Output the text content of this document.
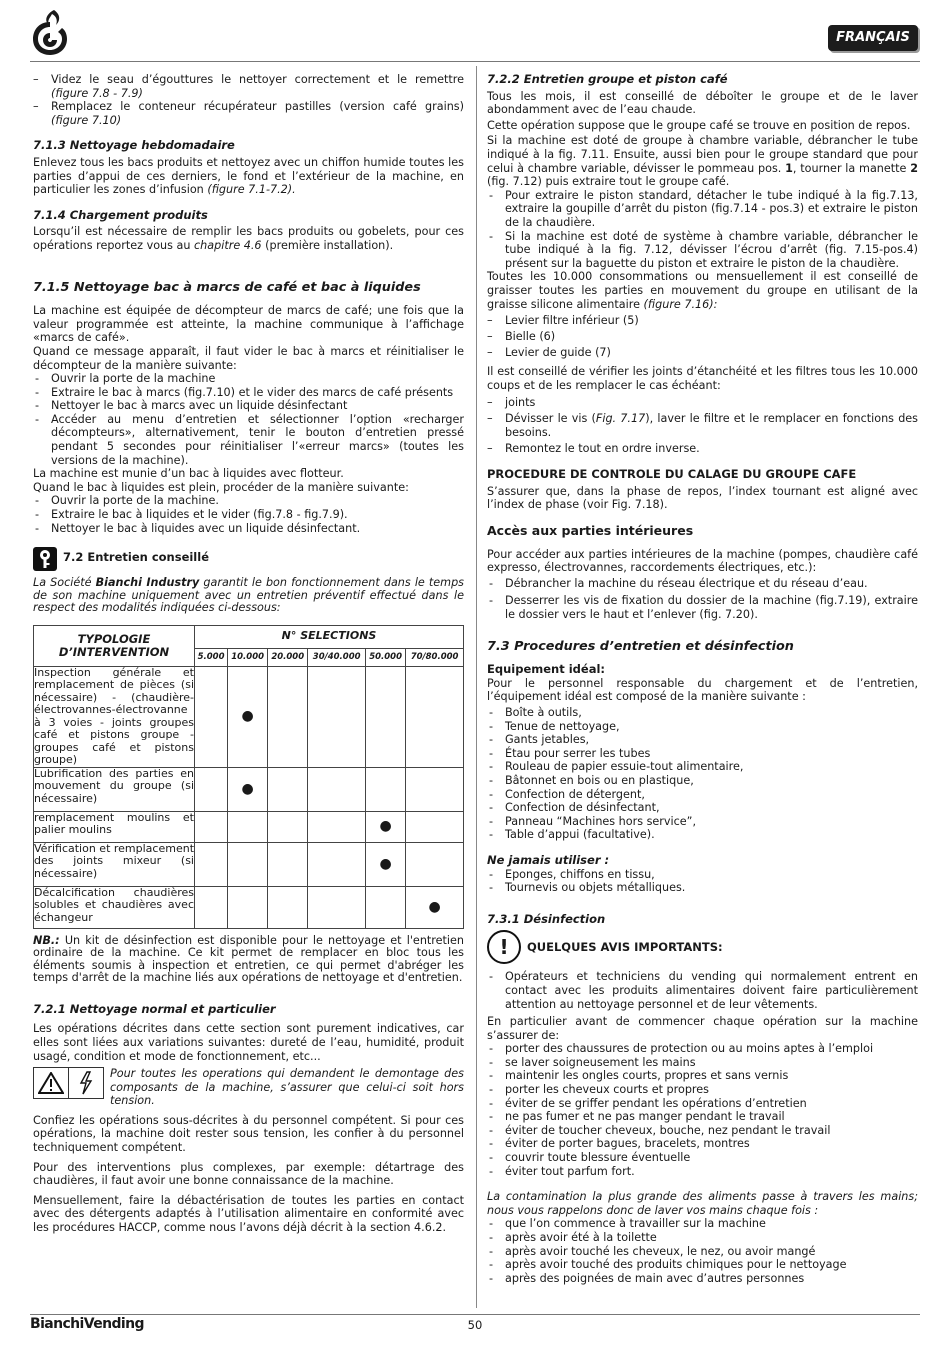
FRANÇAIS
– Videz le seau d’égouttures le nettoyer correctement et le remettre (figure 7.8 - 7.9)
– Remplacez le conteneur récupérateur pastilles (version café grains) (figure 7.10)
7.1.3 Nettoyage hebdomadaire

Enlevez tous les bacs produits et nettoyez avec un chiffon humide toutes les parties d’appui de ces derniers, le fond et l’extérieur de la machine, en particulier les zones d’infusion (figure 7.1-7.2).

7.1.4 Chargement produits

Lorsqu’il est nécessaire de remplir les bacs produits ou gobelets, pour ces opérations reportez vous au chapitre 4.6 (première installation).

7.1.5 Nettoyage bac à marcs de café et bac à liquides

La machine est équipée de décompteur de marcs de café; une fois que la valeur programmée est atteinte, la machine communique à l’affichage «marcs de café».

Quand ce message apparaît, il faut vider le bac à marcs et réinitialiser le décompteur de la manière suivante:

- Ouvrir la porte de la machine
- Extraire le bac à marcs (fig.7.10) et le vider des marcs de café présents
- Nettoyer le bac à marcs avec un liquide désinfectant
- Accéder au menu d’entretien et sélectionner l’option «recharger décompteurs», alternativement, tenir le bouton d’entretien pressé pendant 5 secondes pour réinitialiser l’«erreur marcs» (toutes les versions de la machine).

La machine est munie d’un bac à liquides avec flotteur.

Quand le bac à liquides est plein, procéder de la manière suivante:

- Ouvrir la porte de la machine.
- Extraire le bac à liquides et le vider (fig.7.8 - fig.7.9).
- Nettoyer le bac à liquides avec un liquide désinfectant.
7.2 Entretien conseillé

La Société Bianchi Industry garantit le bon fonctionnement dans le temps de son machine uniquement avec un entretien préventif effectué dans le respect des modalités indiquées ci-dessous:

TYPOLOGIE D’INTERVENTION	N° SELECTIONS					
	5.000	10.000	20.000	30/40.000	50.000	70/80.000
Inspection générale et remplacement de pièces (si nécessaire) - (chaudière-électrovannes-électrovanne à 3 voies - joints groupes café et pistons groupe - groupes café et pistons groupe)		●				
Lubrification des parties en mouvement du groupe (si nécessaire)		●				
remplacement moulins et palier moulins					●	
Vérification et remplacement des joints mixeur (si nécessaire)					●	
Décalcification chaudières solubles et chaudières avec échangeur						●

NB.: Un kit de désinfection est disponible pour le nettoyage et l'entretien ordinaire de la machine. Ce kit permet de remplacer en bloc tous les éléments soumis à inspection et entretien, ce qui permet d'abréger les temps d'arrêt de la machine liés aux opérations de nettoyage et d'entretien.

7.2.1 Nettoyage normal et particulier

Les opérations décrites dans cette section sont purement indicatives, car elles sont liées aux variations suivantes: dureté de l’eau, humidité, produit usagé, condition et mode de fonctionnement, etc...

Pour toutes les operations qui demandent le demontage des composants de la machine, s’assurer que celui-ci soit hors tension.

Confiez les opérations sous-décrites à du personnel compétent. Si pour ces opérations, la machine doit rester sous tension, les confier à du personnel techniquement compétent.

Pour des interventions plus complexes, par exemple: détartrage des chaudières, il faut avoir une bonne connaissance de la machine.

Mensuellement, faire la débactérisation de toutes les parties en contact avec des détergents adaptés à l’utilisation alimentaire en conformité avec les procédures HACCP, comme nous l’avons déjà décrit à la section 4.6.2.

7.2.2 Entretien groupe et piston café

Tous les mois, il est conseillé de déboîter le groupe et de le laver abondamment avec de l’eau chaude.

Cette opération suppose que le groupe café se trouve en position de repos.

Si la machine est doté de groupe à chambre variable, débrancher le tube indiqué à la fig. 7.11. Ensuite, aussi bien pour le groupe standard que pour celui à chambre variable, dévisser le pommeau pos. 1, tourner la manette 2 (fig. 7.12) puis extraire tout le groupe café.

- Pour extraire le piston standard, détacher le tube indiqué à la fig.7.13, extraire la goupille d’arrêt du piston (fig.7.14 - pos.3) et extraire le piston de la chaudière.
- Si la machine est doté de système à chambre variable, débrancher le tube indiqué à la fig. 7.12, dévisser l’écrou d’arrêt (fig. 7.15-pos.4) présent sur la baguette du piston et extraire le piston de la chaudière.

Toutes les 10.000 consommations ou mensuellement il est conseillé de graisser toutes les parties en mouvement du groupe en utilisant de la graisse silicone alimentaire (figure 7.16):

– Levier filtre inférieur (5)
– Bielle (6)
– Levier de guide (7)

Il est conseillé de vérifier les joints d’étanchéité et les filtres tous les 10.000 coups et de les remplacer le cas échéant:

– joints
– Dévisser le vis (Fig. 7.17), laver le filtre et le remplacer en fonctions des besoins.
– Remontez le tout en ordre inverse.
PROCEDURE DE CONTROLE DU CALAGE DU GROUPE CAFE

S’assurer que, dans la phase de repos, l’index tournant est aligné avec l’index de phase (voir Fig. 7.18).

Accès aux parties intérieures

Pour accéder aux parties intérieures de la machine (pompes, chaudière café expresso, électrovannes, raccordements électriques, etc.):

- Débrancher la machine du réseau électrique et du réseau d’eau.
- Desserrer les vis de fixation du dossier de la machine (fig.7.19), extraire le dossier vers le haut et l’enlever (fig. 7.20).
7.3 Procedures d’entretien et désinfection
Equipement idéal:

Pour le personnel responsable du chargement et de l’entretien, l’équipement idéal est composé de la manière suivante :

- Boîte à outils,
- Tenue de nettoyage,
- Gants jetables,
- Étau pour serrer les tubes
- Rouleau de papier essuie-tout alimentaire,
- Bâtonnet en bois ou en plastique,
- Confection de détergent,
- Confection de désinfectant,
- Panneau “Machines hors service”,
- Table d’appui (facultative).
Ne jamais utiliser :
- Eponges, chiffons en tissu,
- Tournevis ou objets métalliques.
7.3.1 Désinfection
!	QUELQUES AVIS IMPORTANTS:
- Opérateurs et techniciens du vending qui normalement entrent en contact avec les produits alimentaires doivent faire particulièrement attention au nettoyage personnel et de leur vêtements.

En particulier avant de commencer chaque opération sur la machine s’assurer de:

- porter des chaussures de protection ou au moins aptes à l’emploi
- se laver soigneusement les mains
- maintenir les ongles courts, propres et sans vernis
- porter les cheveux courts et propres
- éviter de se griffer pendant les opérations d’entretien
- ne pas fumer et ne pas manger pendant le travail
- éviter de toucher cheveux, bouche, nez pendant le travail
- éviter de porter bagues, bracelets, montres
- couvrir toute blessure éventuelle
- éviter tout parfum fort.

La contamination la plus grande des aliments passe à travers les mains; nous vous rappelons donc de laver vos mains chaque fois :

- que l’on commence à travailler sur la machine
- après avoir été à la toilette
- après avoir touché les cheveux, le nez, ou avoir mangé
- après avoir touché des produits chimiques pour le nettoyage
- après des poignées de main avec d’autres personnes
BianchiVending	50
